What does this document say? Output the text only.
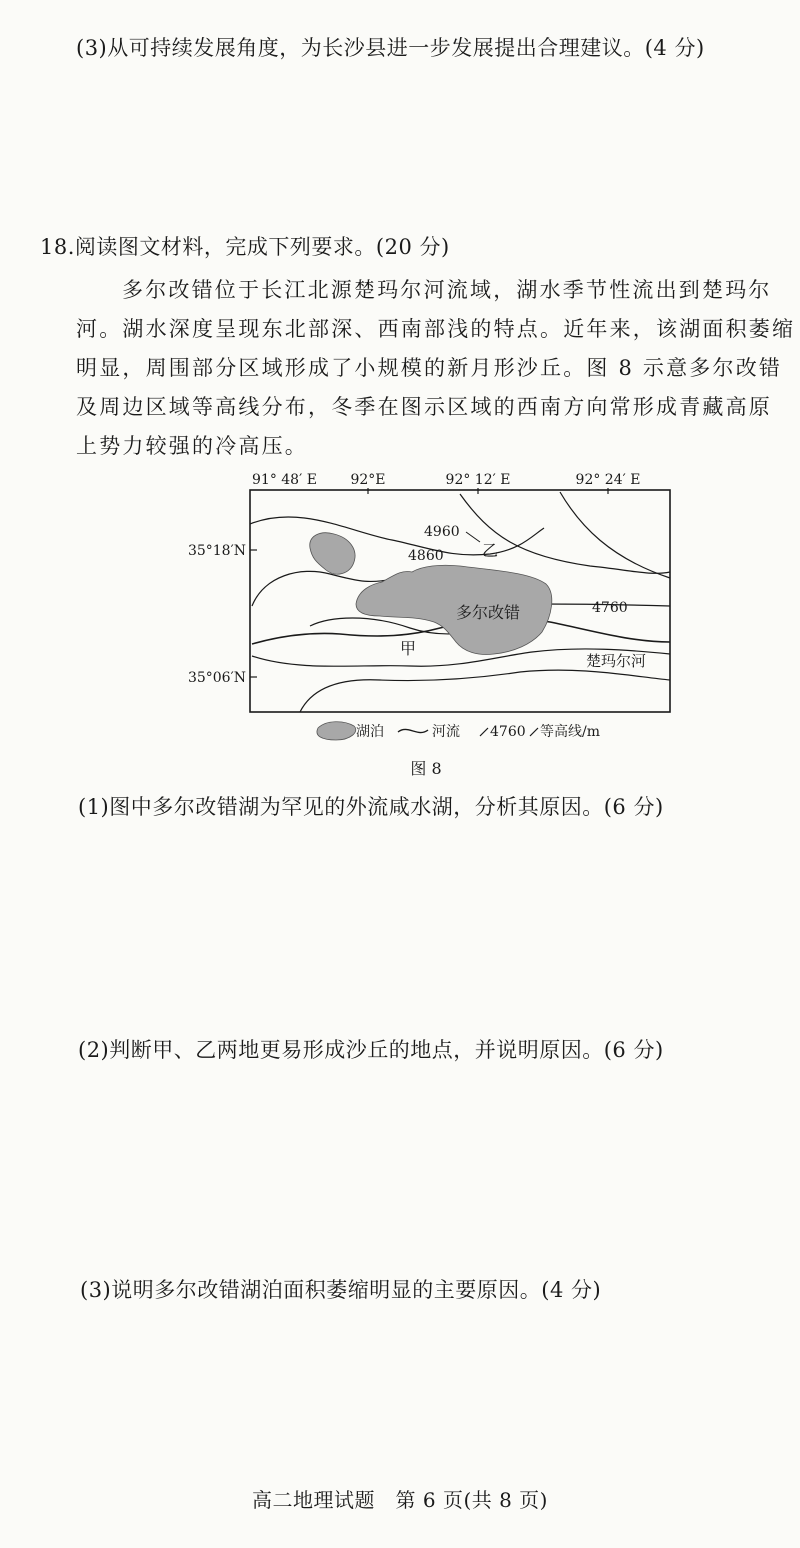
(3)从可持续发展角度，为长沙县进一步发展提出合理建议。(4 分)
18.阅读图文材料，完成下列要求。(20 分)
多尔改错位于长江北源楚玛尔河流域，湖水季节性流出到楚玛尔
河。湖水深度呈现东北部深、西南部浅的特点。近年来，该湖面积萎缩
明显，周围部分区域形成了小规模的新月形沙丘。图 8 示意多尔改错
及周边区域等高线分布，冬季在图示区域的西南方向常形成青藏高原
上势力较强的冷高压。
91° 48′ E 92°E	92° 12′ E	92° 24′ E
35°18′N
35°06′N
4960
4860
4760
乙
甲
多尔改错
楚玛尔河
湖泊	河流 4760 等高线/m
图 8
(1)图中多尔改错湖为罕见的外流咸水湖，分析其原因。(6 分)
(2)判断甲、乙两地更易形成沙丘的地点，并说明原因。(6 分)
(3)说明多尔改错湖泊面积萎缩明显的主要原因。(4 分)
高二地理试题　第 6 页(共 8 页)
